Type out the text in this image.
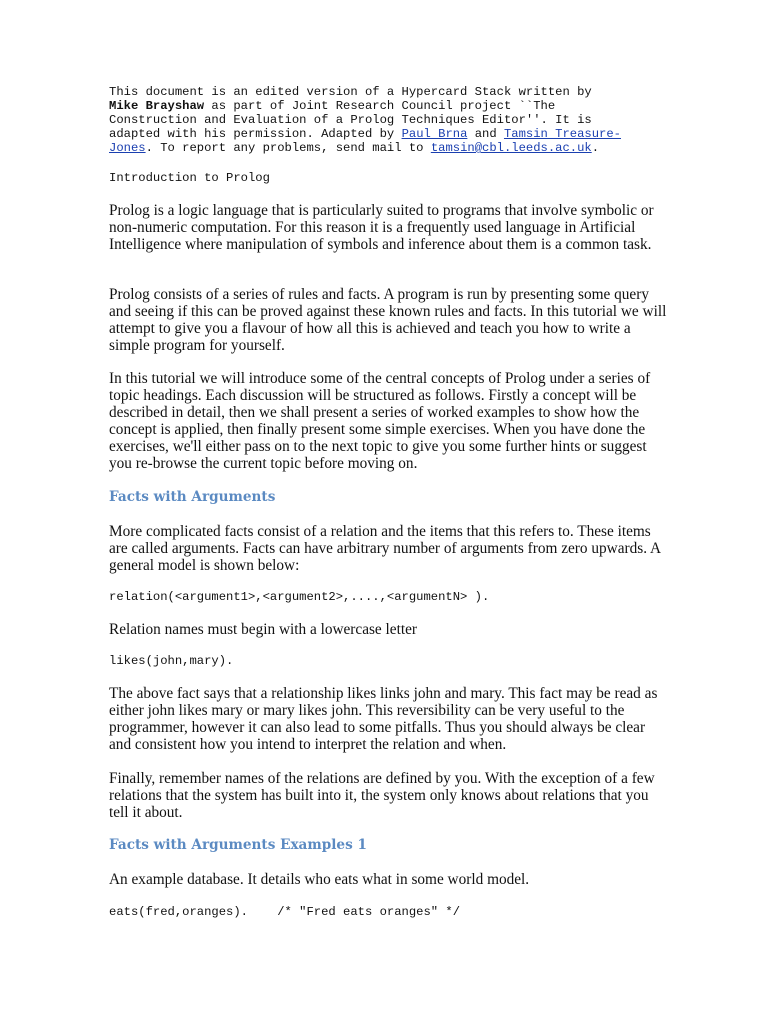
This document is an edited version of a Hypercard Stack written by
Mike Brayshaw as part of Joint Research Council project ``The
Construction and Evaluation of a Prolog Techniques Editor''. It is
adapted with his permission. Adapted by Paul Brna and Tamsin Treasure-
Jones. To report any problems, send mail to tamsin@cbl.leeds.ac.uk.
Introduction to Prolog

Prolog is a logic language that is particularly suited to programs that involve symbolic or non-numeric computation. For this reason it is a frequently used language in Artificial Intelligence where manipulation of symbols and inference about them is a common task.

Prolog consists of a series of rules and facts. A program is run by presenting some query and seeing if this can be proved against these known rules and facts. In this tutorial we will attempt to give you a flavour of how all this is achieved and teach you how to write a simple program for yourself.

In this tutorial we will introduce some of the central concepts of Prolog under a series of topic headings. Each discussion will be structured as follows. Firstly a concept will be described in detail, then we shall present a series of worked examples to show how the concept is applied, then finally present some simple exercises. When you have done the exercises, we'll either pass on to the next topic to give you some further hints or suggest you re-browse the current topic before moving on.

Facts with Arguments

More complicated facts consist of a relation and the items that this refers to. These items are called arguments. Facts can have arbitrary number of arguments from zero upwards. A general model is shown below:

relation(<argument1>,<argument2>,....,<argumentN> ).

Relation names must begin with a lowercase letter

likes(john,mary).

The above fact says that a relationship likes links john and mary. This fact may be read as either john likes mary or mary likes john. This reversibility can be very useful to the programmer, however it can also lead to some pitfalls. Thus you should always be clear and consistent how you intend to interpret the relation and when.

Finally, remember names of the relations are defined by you. With the exception of a few relations that the system has built into it, the system only knows about relations that you tell it about.

Facts with Arguments Examples 1

An example database. It details who eats what in some world model.

eats(fred,oranges).    /* "Fred eats oranges" */
